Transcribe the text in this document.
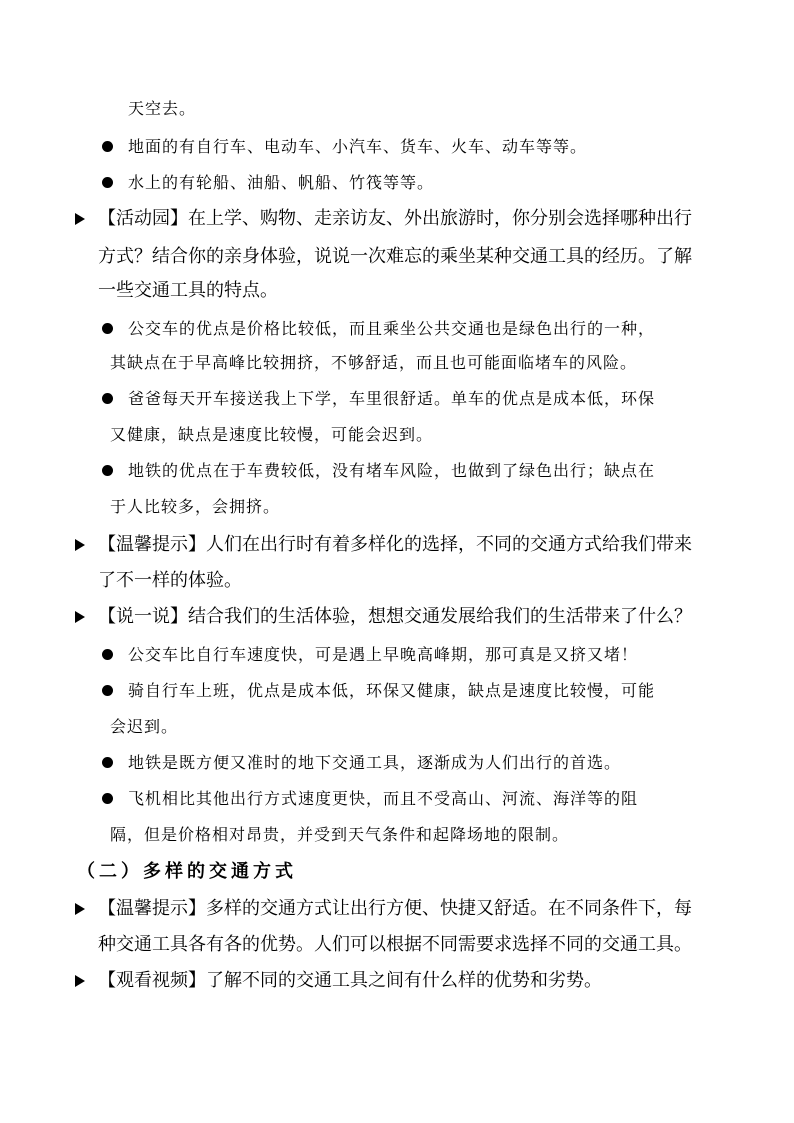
天空去。
地面的有自行车、电动车、小汽车、货车、火车、动车等等。
水上的有轮船、油船、帆船、竹筏等等。
【活动园】在上学、购物、走亲访友、外出旅游时，你分别会选择哪种出行
方式？结合你的亲身体验，说说一次难忘的乘坐某种交通工具的经历。了解
一些交通工具的特点。
公交车的优点是价格比较低，而且乘坐公共交通也是绿色出行的一种，
其缺点在于早高峰比较拥挤，不够舒适，而且也可能面临堵车的风险。
爸爸每天开车接送我上下学，车里很舒适。单车的优点是成本低，环保
又健康，缺点是速度比较慢，可能会迟到。
地铁的优点在于车费较低，没有堵车风险，也做到了绿色出行；缺点在
于人比较多，会拥挤。
【温馨提示】人们在出行时有着多样化的选择，不同的交通方式给我们带来
了不一样的体验。
【说一说】结合我们的生活体验，想想交通发展给我们的生活带来了什么？
公交车比自行车速度快，可是遇上早晚高峰期，那可真是又挤又堵！
骑自行车上班，优点是成本低，环保又健康，缺点是速度比较慢，可能
会迟到。
地铁是既方便又准时的地下交通工具，逐渐成为人们出行的首选。
飞机相比其他出行方式速度更快，而且不受高山、河流、海洋等的阻
隔，但是价格相对昂贵，并受到天气条件和起降场地的限制。
（二）多样的交通方式
【温馨提示】多样的交通方式让出行方便、快捷又舒适。在不同条件下，每
种交通工具各有各的优势。人们可以根据不同需要求选择不同的交通工具。
【观看视频】了解不同的交通工具之间有什么样的优势和劣势。
